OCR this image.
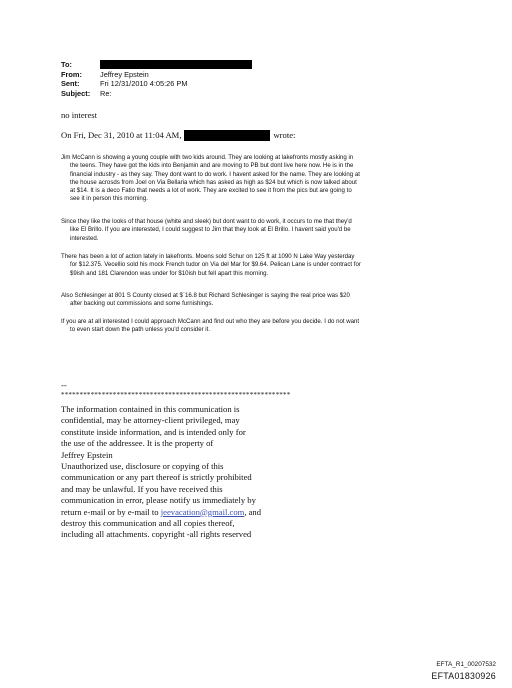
To:
From:	Jeffrey Epstein
Sent:	Fri 12/31/2010 4:05:26 PM
Subject:	Re:
no interest
On Fri, Dec 31, 2010 at 11:04 AM,	wrote:
Jim McCann is showing a young couple with two kids around. They are looking at lakefronts mostly asking in
the teens. They have got the kids into Benjamin and are moving to PB but dont live here now. He is in the
financial industry - as they say. They dont want to do work. I havent asked for the name. They are looking at
the house acrosds from Joel on Via Bellaria which has asked as high as $24 but which is now talked about
at $14. It is a deco Fatio that needs a lot of work. They are excited to see it from the pics but are going to
see it in person this morning.
Since they like the looks of that house (white and sleek) but dont want to do work, it occurs to me that they'd
like El Brillo. If you are interested, I could suggest to Jim that they look at El Brillo. I havent said you'd be
interested.
There has been a lot of action lately in lakefronts. Moens sold Schur on 125 ft at 1090 N Lake Way yesterday
for $12.375. Vecellio sold his mock French tudor on Via del Mar for $9.64. Pelican Lane is under contract for
$9ish and 181 Clarendon was under for $10ish but fell apart this morning.
Also Schlesinger at 801 S County closed at $`16.8 but Richard Schlesinger is saying the real price was $20
after backing out commissions and some furnishings.
If you are at all interested I could approach McCann and find out who they are before you decide. I do not want
to even start down the path unless you'd consider it.
--
**************************************************************
The information contained in this communication is
confidential, may be attorney-client privileged, may
constitute inside information, and is intended only for
the use of the addressee. It is the property of
Jeffrey Epstein
Unauthorized use, disclosure or copying of this
communication or any part thereof is strictly prohibited
and may be unlawful. If you have received this
communication in error, please notify us immediately by
return e-mail or by e-mail to jeevacation@gmail.com, and
destroy this communication and all copies thereof,
including all attachments. copyright -all rights reserved
EFTA_R1_00207532
EFTA01830926
